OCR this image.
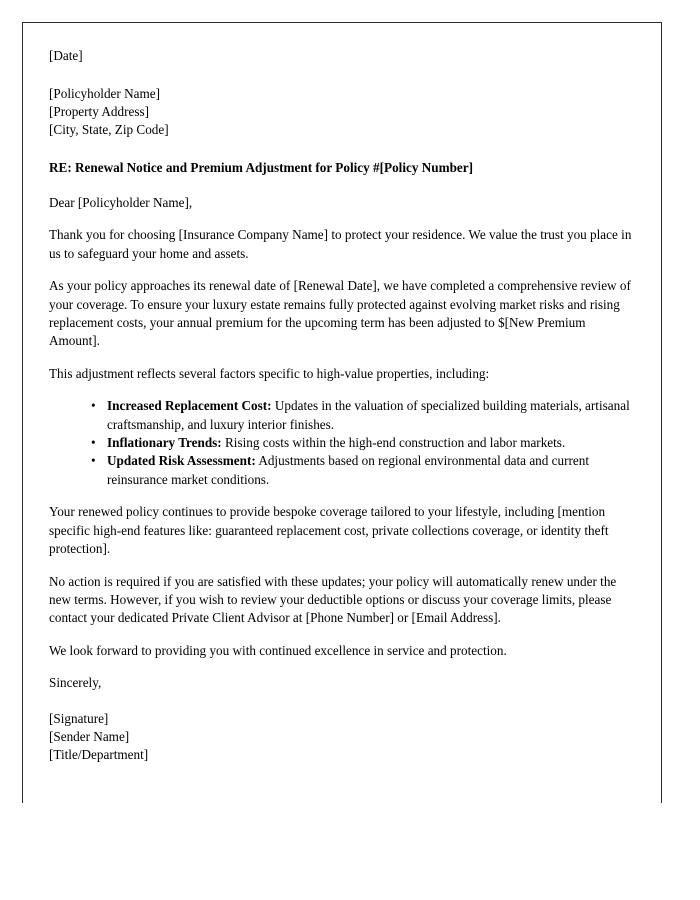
[Date]
[Policyholder Name]
[Property Address]
[City, State, Zip Code]
RE: Renewal Notice and Premium Adjustment for Policy #[Policy Number]

Dear [Policyholder Name],

Thank you for choosing [Insurance Company Name] to protect your residence. We value the trust you place in us to safeguard your home and assets.

As your policy approaches its renewal date of [Renewal Date], we have completed a comprehensive review of your coverage. To ensure your luxury estate remains fully protected against evolving market risks and rising replacement costs, your annual premium for the upcoming term has been adjusted to $[New Premium Amount].

This adjustment reflects several factors specific to high-value properties, including:

• Increased Replacement Cost: Updates in the valuation of specialized building materials, artisanal craftsmanship, and luxury interior finishes.
• Inflationary Trends: Rising costs within the high-end construction and labor markets.
• Updated Risk Assessment: Adjustments based on regional environmental data and current reinsurance market conditions.

Your renewed policy continues to provide bespoke coverage tailored to your lifestyle, including [mention specific high-end features like: guaranteed replacement cost, private collections coverage, or identity theft protection].

No action is required if you are satisfied with these updates; your policy will automatically renew under the new terms. However, if you wish to review your deductible options or discuss your coverage limits, please contact your dedicated Private Client Advisor at [Phone Number] or [Email Address].

We look forward to providing you with continued excellence in service and protection.

Sincerely,

[Signature]
[Sender Name]
[Title/Department]
